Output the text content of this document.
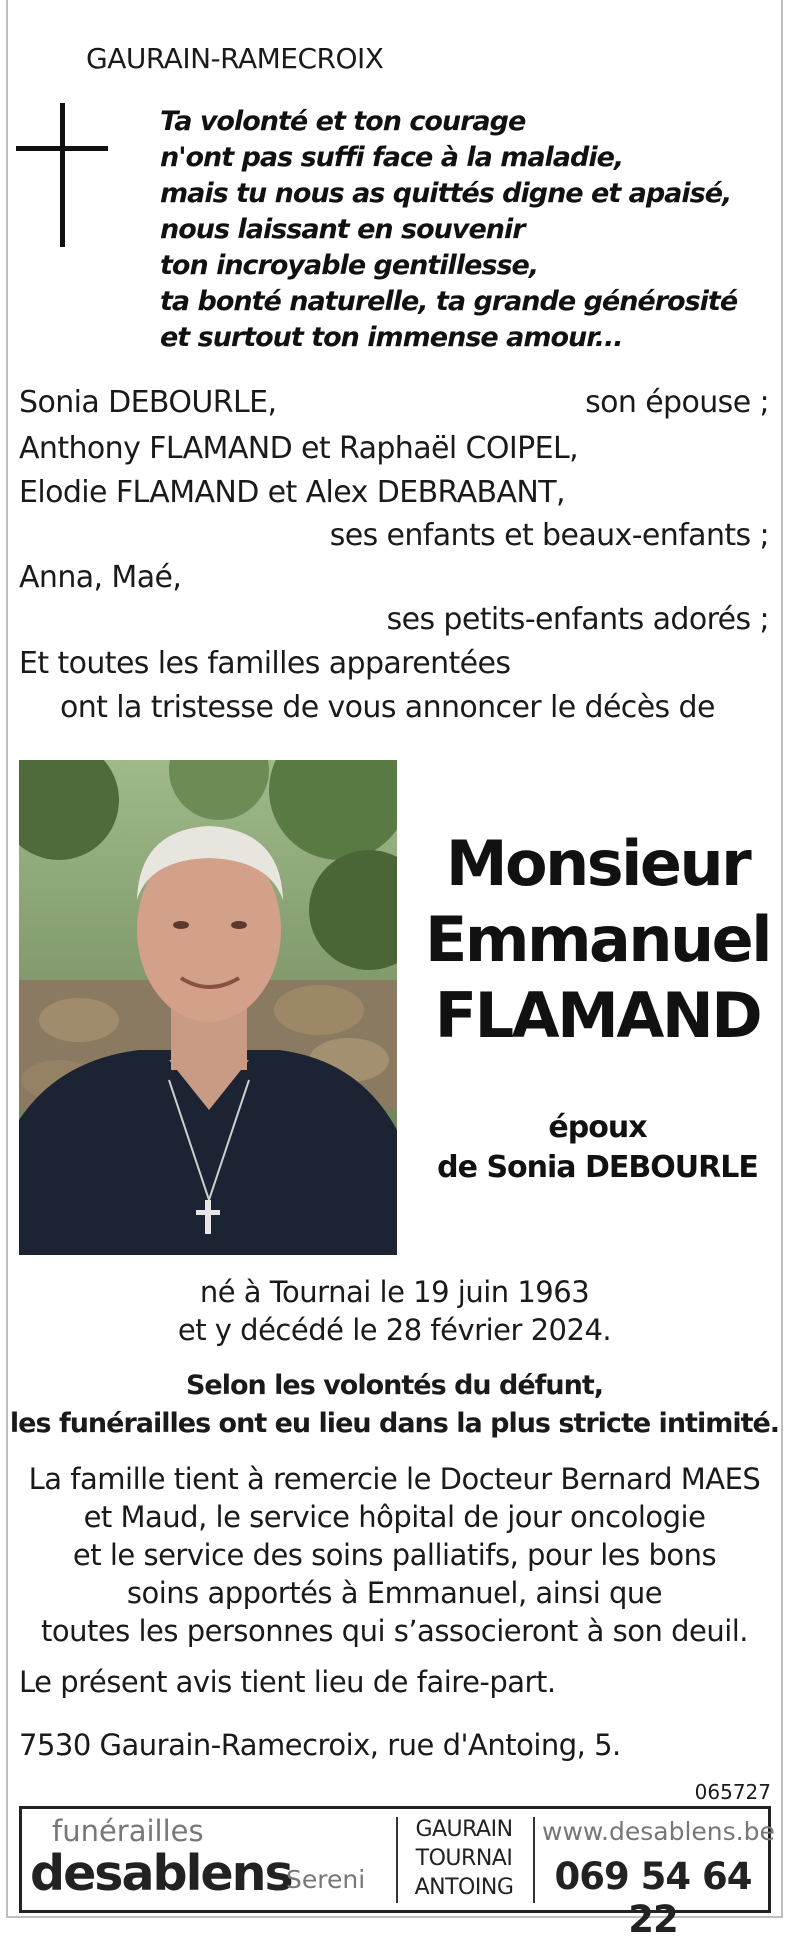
GAURAIN-RAMECROIX
Ta volonté et ton courage
n'ont pas suffi face à la maladie,
mais tu nous as quittés digne et apaisé,
nous laissant en souvenir
ton incroyable gentillesse,
ta bonté naturelle, ta grande générosité
et surtout ton immense amour...
Sonia DEBOURLE,	son épouse ;
Anthony FLAMAND et Raphaël COIPEL,
Elodie FLAMAND et Alex DEBRABANT,
ses enfants et beaux-enfants ;
Anna, Maé,
ses petits-enfants adorés ;
Et toutes les familles apparentées
ont la tristesse de vous annoncer le décès de
Monsieur
Emmanuel
FLAMAND
époux
de Sonia DEBOURLE
né à Tournai le 19 juin 1963
et y décédé le 28 février 2024.
Selon les volontés du défunt,
les funérailles ont eu lieu dans la plus stricte intimité.
La famille tient à remercie le Docteur Bernard MAES
et Maud, le service hôpital de jour oncologie
et le service des soins palliatifs, pour les bons
soins apportés à Emmanuel, ainsi que
toutes les personnes qui s’associeront à son deuil.
Le présent avis tient lieu de faire-part.
7530 Gaurain-Ramecroix, rue d'Antoing, 5.
065727
funérailles
desablens
Sereni
GAURAIN
TOURNAI
ANTOING
www.desablens.be
069 54 64 22
